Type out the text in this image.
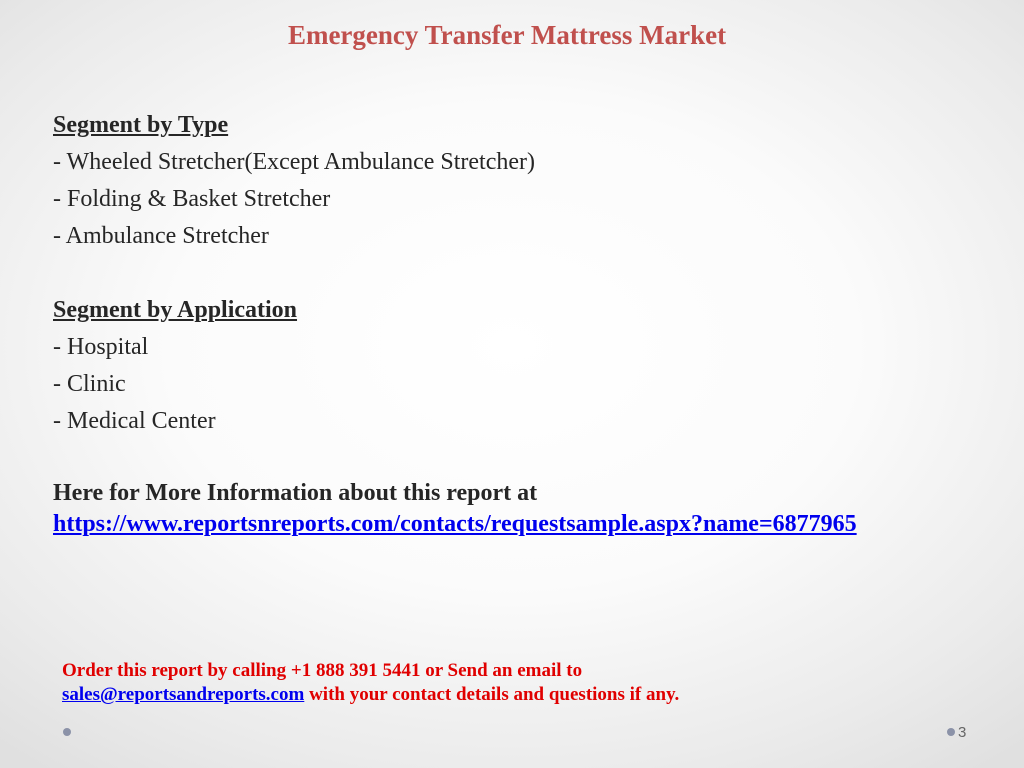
Emergency Transfer Mattress Market

Segment by Type

- Wheeled Stretcher(Except Ambulance Stretcher)

- Folding & Basket Stretcher

- Ambulance Stretcher

Segment by Application

- Hospital

- Clinic

- Medical Center

Here for More Information about this report at
https://www.reportsnreports.com/contacts/requestsample.aspx?name=6877965
Order this report by calling +1 888 391 5441 or Send an email to
sales@reportsandreports.com with your contact details and questions if any.
3
